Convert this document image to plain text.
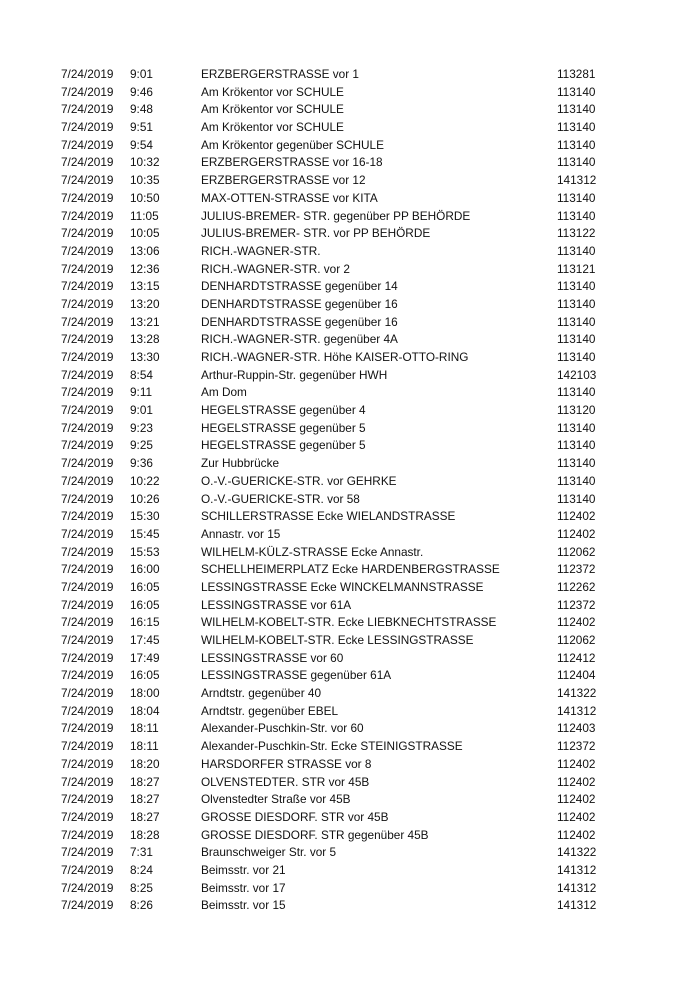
7/24/2019 9:01	ERZBERGERSTRASSE vor 1	113281
7/24/2019 9:46	Am Krökentor vor SCHULE	113140
7/24/2019 9:48	Am Krökentor vor SCHULE	113140
7/24/2019 9:51	Am Krökentor vor SCHULE	113140
7/24/2019 9:54	Am Krökentor gegenüber SCHULE	113140
7/24/2019 10:32	ERZBERGERSTRASSE vor 16-18	113140
7/24/2019 10:35	ERZBERGERSTRASSE vor 12	141312
7/24/2019 10:50	MAX-OTTEN-STRASSE vor KITA	113140
7/24/2019 11:05	JULIUS-BREMER- STR. gegenüber PP BEHÖRDE	113140
7/24/2019 10:05	JULIUS-BREMER- STR. vor PP BEHÖRDE	113122
7/24/2019 13:06	RICH.-WAGNER-STR.	113140
7/24/2019 12:36	RICH.-WAGNER-STR. vor 2	113121
7/24/2019 13:15	DENHARDTSTRASSE gegenüber 14	113140
7/24/2019 13:20	DENHARDTSTRASSE gegenüber 16	113140
7/24/2019 13:21	DENHARDTSTRASSE gegenüber 16	113140
7/24/2019 13:28	RICH.-WAGNER-STR. gegenüber 4A	113140
7/24/2019 13:30	RICH.-WAGNER-STR. Höhe KAISER-OTTO-RING	113140
7/24/2019 8:54	Arthur-Ruppin-Str. gegenüber HWH	142103
7/24/2019 9:11	Am Dom	113140
7/24/2019 9:01	HEGELSTRASSE gegenüber 4	113120
7/24/2019 9:23	HEGELSTRASSE gegenüber 5	113140
7/24/2019 9:25	HEGELSTRASSE gegenüber 5	113140
7/24/2019 9:36	Zur Hubbrücke	113140
7/24/2019 10:22	O.-V.-GUERICKE-STR. vor GEHRKE	113140
7/24/2019 10:26	O.-V.-GUERICKE-STR. vor 58	113140
7/24/2019 15:30	SCHILLERSTRASSE Ecke WIELANDSTRASSE	112402
7/24/2019 15:45	Annastr. vor 15	112402
7/24/2019 15:53	WILHELM-KÜLZ-STRASSE Ecke Annastr.	112062
7/24/2019 16:00	SCHELLHEIMERPLATZ Ecke HARDENBERGSTRASSE	112372
7/24/2019 16:05	LESSINGSTRASSE Ecke WINCKELMANNSTRASSE	112262
7/24/2019 16:05	LESSINGSTRASSE vor 61A	112372
7/24/2019 16:15	WILHELM-KOBELT-STR. Ecke LIEBKNECHTSTRASSE	112402
7/24/2019 17:45	WILHELM-KOBELT-STR. Ecke LESSINGSTRASSE	112062
7/24/2019 17:49	LESSINGSTRASSE vor 60	112412
7/24/2019 16:05	LESSINGSTRASSE gegenüber 61A	112404
7/24/2019 18:00	Arndtstr. gegenüber 40	141322
7/24/2019 18:04	Arndtstr. gegenüber EBEL	141312
7/24/2019 18:11	Alexander-Puschkin-Str. vor 60	112403
7/24/2019 18:11	Alexander-Puschkin-Str. Ecke STEINIGSTRASSE	112372
7/24/2019 18:20	HARSDORFER STRASSE vor 8	112402
7/24/2019 18:27	OLVENSTEDTER. STR vor 45B	112402
7/24/2019 18:27	Olvenstedter Straße vor 45B	112402
7/24/2019 18:27	GROSSE DIESDORF. STR vor 45B	112402
7/24/2019 18:28	GROSSE DIESDORF. STR gegenüber 45B	112402
7/24/2019 7:31	Braunschweiger Str. vor 5	141322
7/24/2019 8:24	Beimsstr. vor 21	141312
7/24/2019 8:25	Beimsstr. vor 17	141312
7/24/2019 8:26	Beimsstr. vor 15	141312
